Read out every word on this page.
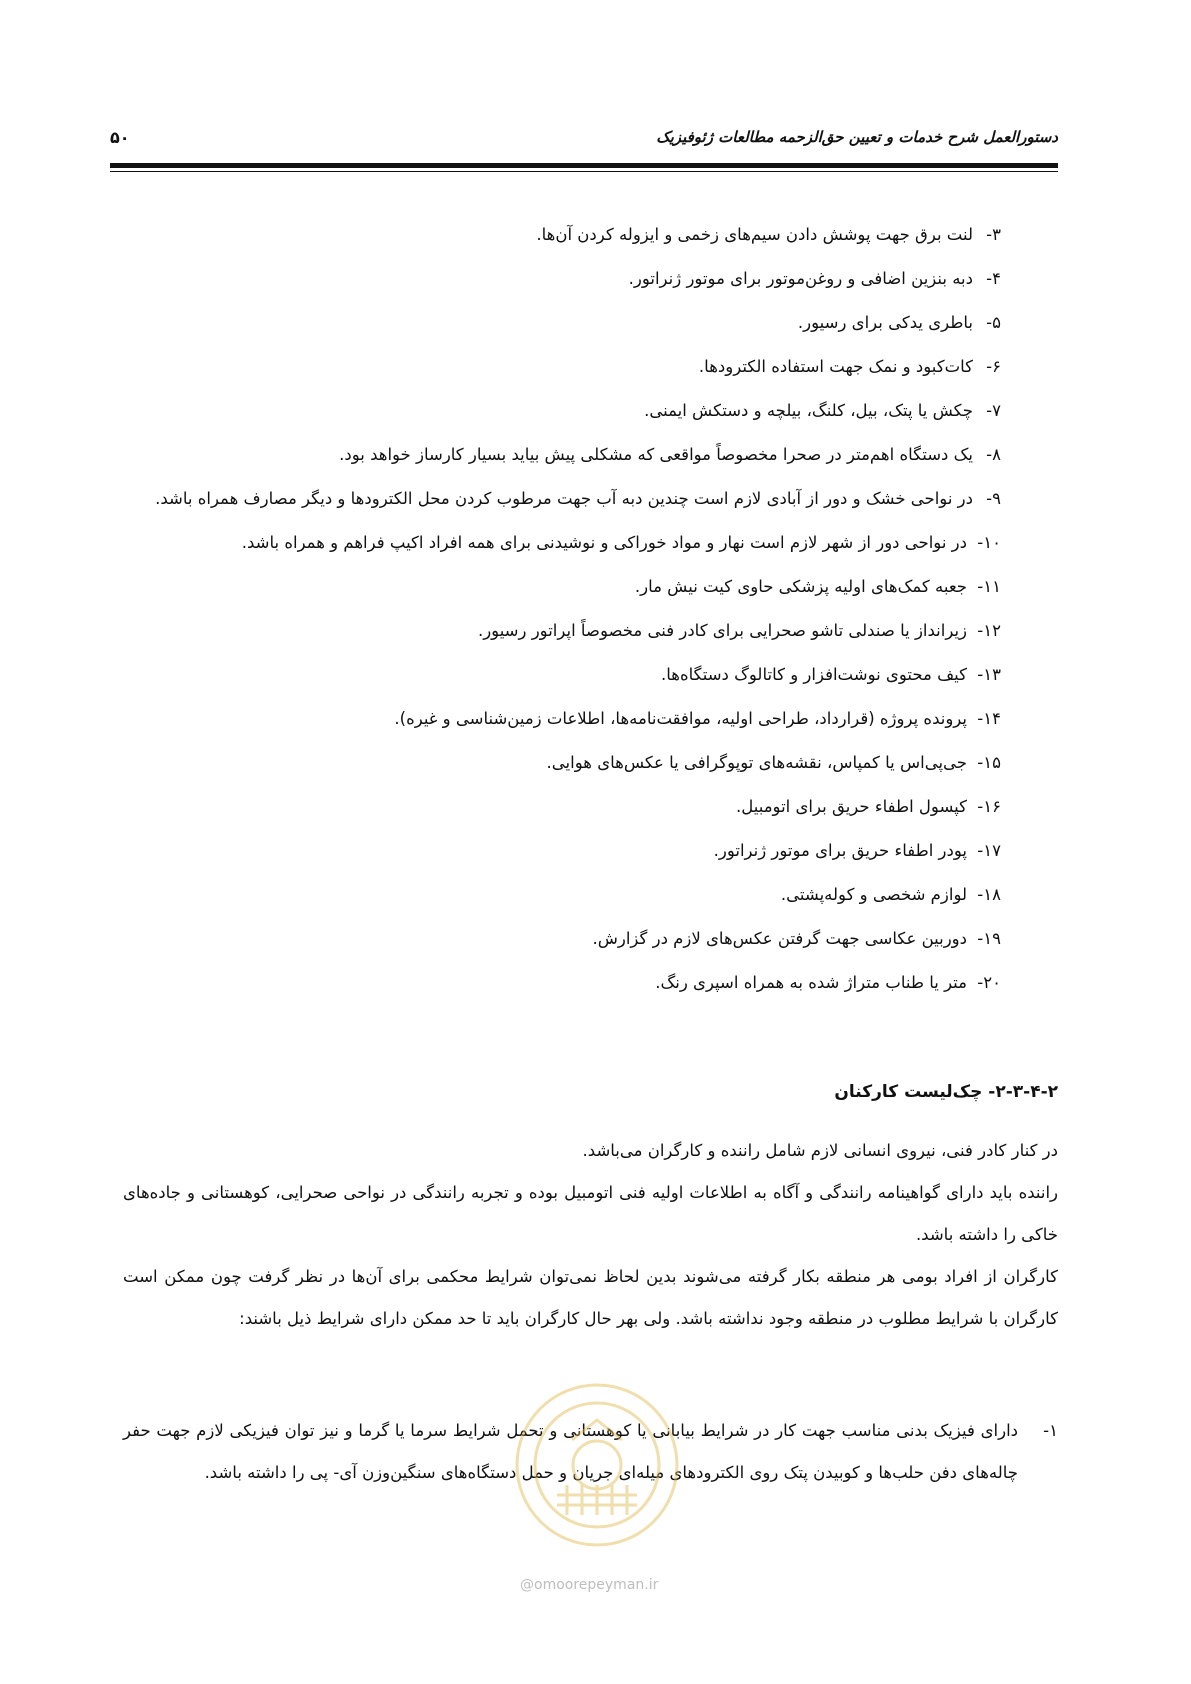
دستورالعمل شرح خدمات و تعیین حق‌الزحمه مطالعات ژئوفیزیک
۵۰
۳-
لنت برق جهت پوشش دادن سیم‌های زخمی و ایزوله کردن آن‌ها.
۴-
دبه بنزین اضافی و روغن‌موتور برای موتور ژنراتور.
۵-
باطری یدکی برای رسیور.
۶-
کات‌کبود و نمک جهت استفاده الکترودها.
۷-
چکش یا پتک، بیل، کلنگ، بیلچه و دستکش ایمنی.
۸-
یک دستگاه اهم‌متر در صحرا مخصوصاً مواقعی که مشکلی پیش بیاید بسیار کارساز خواهد بود.
۹-
در نواحی خشک و دور از آبادی لازم است چندین دبه آب جهت مرطوب کردن محل الکترودها و دیگر مصارف همراه باشد.
۱۰-
در نواحی دور از شهر لازم است نهار و مواد خوراکی و نوشیدنی برای همه افراد اکیپ فراهم و همراه باشد.
۱۱-
جعبه کمک‌های اولیه پزشکی حاوی کیت نیش مار.
۱۲-
زیرانداز یا صندلی تاشو صحرایی برای کادر فنی مخصوصاً اپراتور رسیور.
۱۳-
کیف محتوی نوشت‌افزار و کاتالوگ دستگاه‌ها.
۱۴-
پرونده پروژه (قرارداد، طراحی اولیه، موافقت‌نامه‌ها، اطلاعات زمین‌شناسی و غیره).
۱۵-
جی‌پی‌اس یا کمپاس، نقشه‌های توپوگرافی یا عکس‌های هوایی.
۱۶-
کپسول اطفاء حریق برای اتومبیل.
۱۷-
پودر اطفاء حریق برای موتور ژنراتور.
۱۸-
لوازم شخصی و کوله‌پشتی.
۱۹-
دوربین عکاسی جهت گرفتن عکس‌های لازم در گزارش.
۲۰-
متر یا طناب متراژ شده به همراه اسپری رنگ.
۲-۳-۴-۲- چک‌لیست کارکنان

در کنار کادر فنی، نیروی انسانی لازم شامل راننده و کارگران می‌باشد.

راننده باید دارای گواهینامه رانندگی و آگاه به اطلاعات اولیه فنی اتومبیل بوده و تجربه رانندگی در نواحی صحرایی، کوهستانی و جاده‌های خاکی را داشته باشد.

کارگران از افراد بومی هر منطقه بکار گرفته می‌شوند بدین لحاظ نمی‌توان شرایط محکمی برای آن‌ها در نظر گرفت چون ممکن است کارگران با شرایط مطلوب در منطقه وجود نداشته باشد. ولی بهر حال کارگران باید تا حد ممکن دارای شرایط ذیل باشند:

۱-
دارای فیزیک بدنی مناسب جهت کار در شرایط بیابانی یا کوهستانی و تحمل شرایط سرما یا گرما و نیز توان فیزیکی لازم جهت حفر چاله‌های دفن حلب‌ها و کوبیدن پتک روی الکترودهای میله‌ای جریان و حمل دستگاه‌های سنگین‌وزن آی- پی را داشته باشد.
@omoorepeyman.ir
